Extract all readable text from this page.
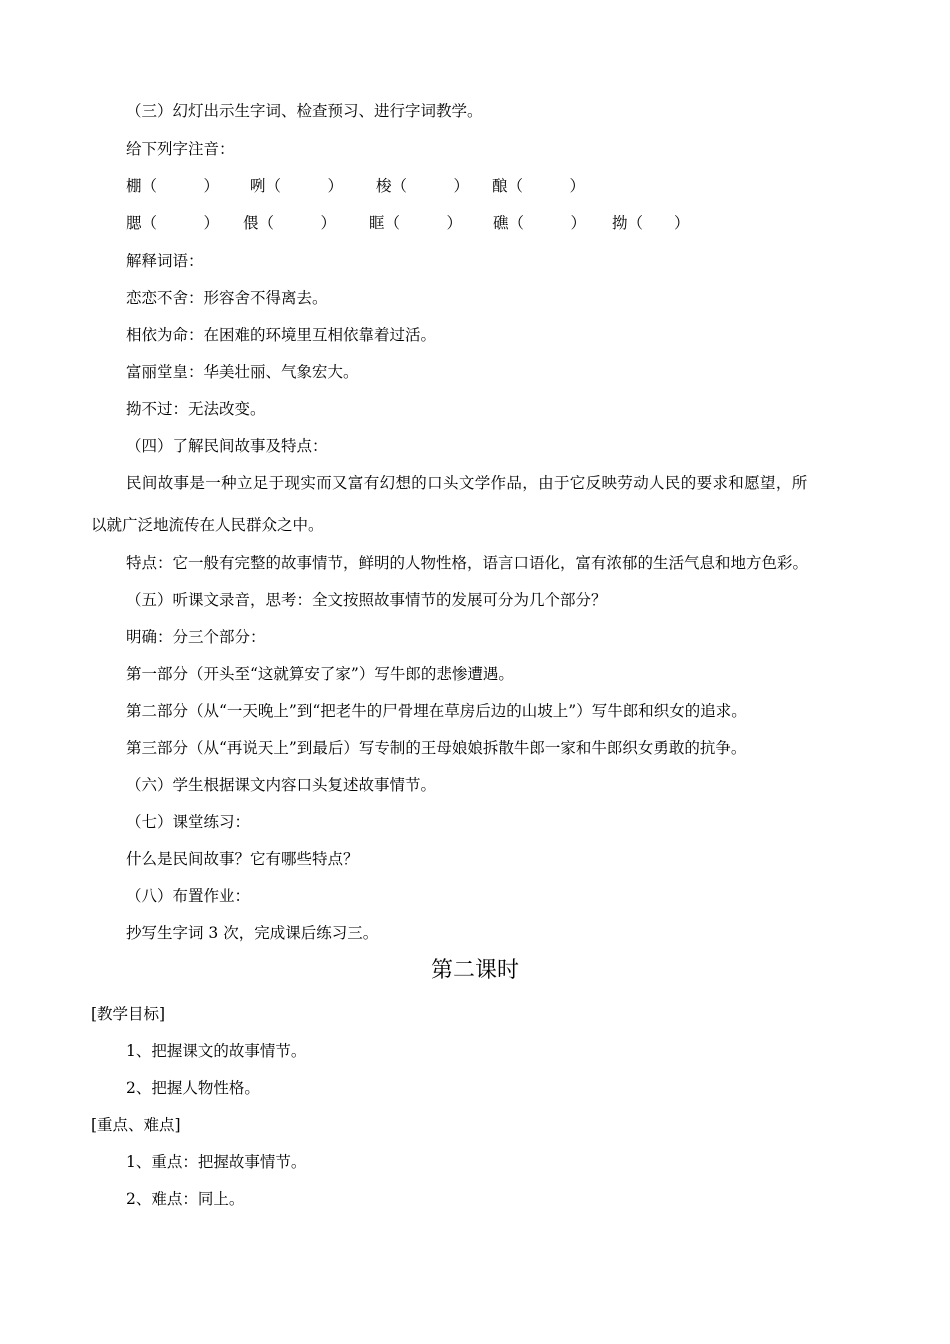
（三）幻灯出示生字词、检查预习、进行字词教学。
给下列字注音：
棚（　　　） 咧（　　　） 梭（　　　） 酿（　　　）
腮（　　　） 偎（　　　） 眶（　　　） 礁（　　　） 拗（　　）
解释词语：
恋恋不舍：形容舍不得离去。
相依为命：在困难的环境里互相依靠着过活。
富丽堂皇：华美壮丽、气象宏大。
拗不过：无法改变。
（四）了解民间故事及特点：
民间故事是一种立足于现实而又富有幻想的口头文学作品，由于它反映劳动人民的要求和愿望，所
以就广泛地流传在人民群众之中。
特点：它一般有完整的故事情节，鲜明的人物性格，语言口语化，富有浓郁的生活气息和地方色彩。
（五）听课文录音，思考：全文按照故事情节的发展可分为几个部分？
明确：分三个部分：
第一部分（开头至“这就算安了家”）写牛郎的悲惨遭遇。
第二部分（从“一天晚上”到“把老牛的尸骨埋在草房后边的山坡上”）写牛郎和织女的追求。
第三部分（从“再说天上”到最后）写专制的王母娘娘拆散牛郎一家和牛郎织女勇敢的抗争。
（六）学生根据课文内容口头复述故事情节。
（七）课堂练习：
什么是民间故事？它有哪些特点？
（八）布置作业：
抄写生字词 3 次，完成课后练习三。
第二课时
[教学目标]
1、把握课文的故事情节。
2、把握人物性格。
[重点、难点]
1、重点：把握故事情节。
2、难点：同上。
